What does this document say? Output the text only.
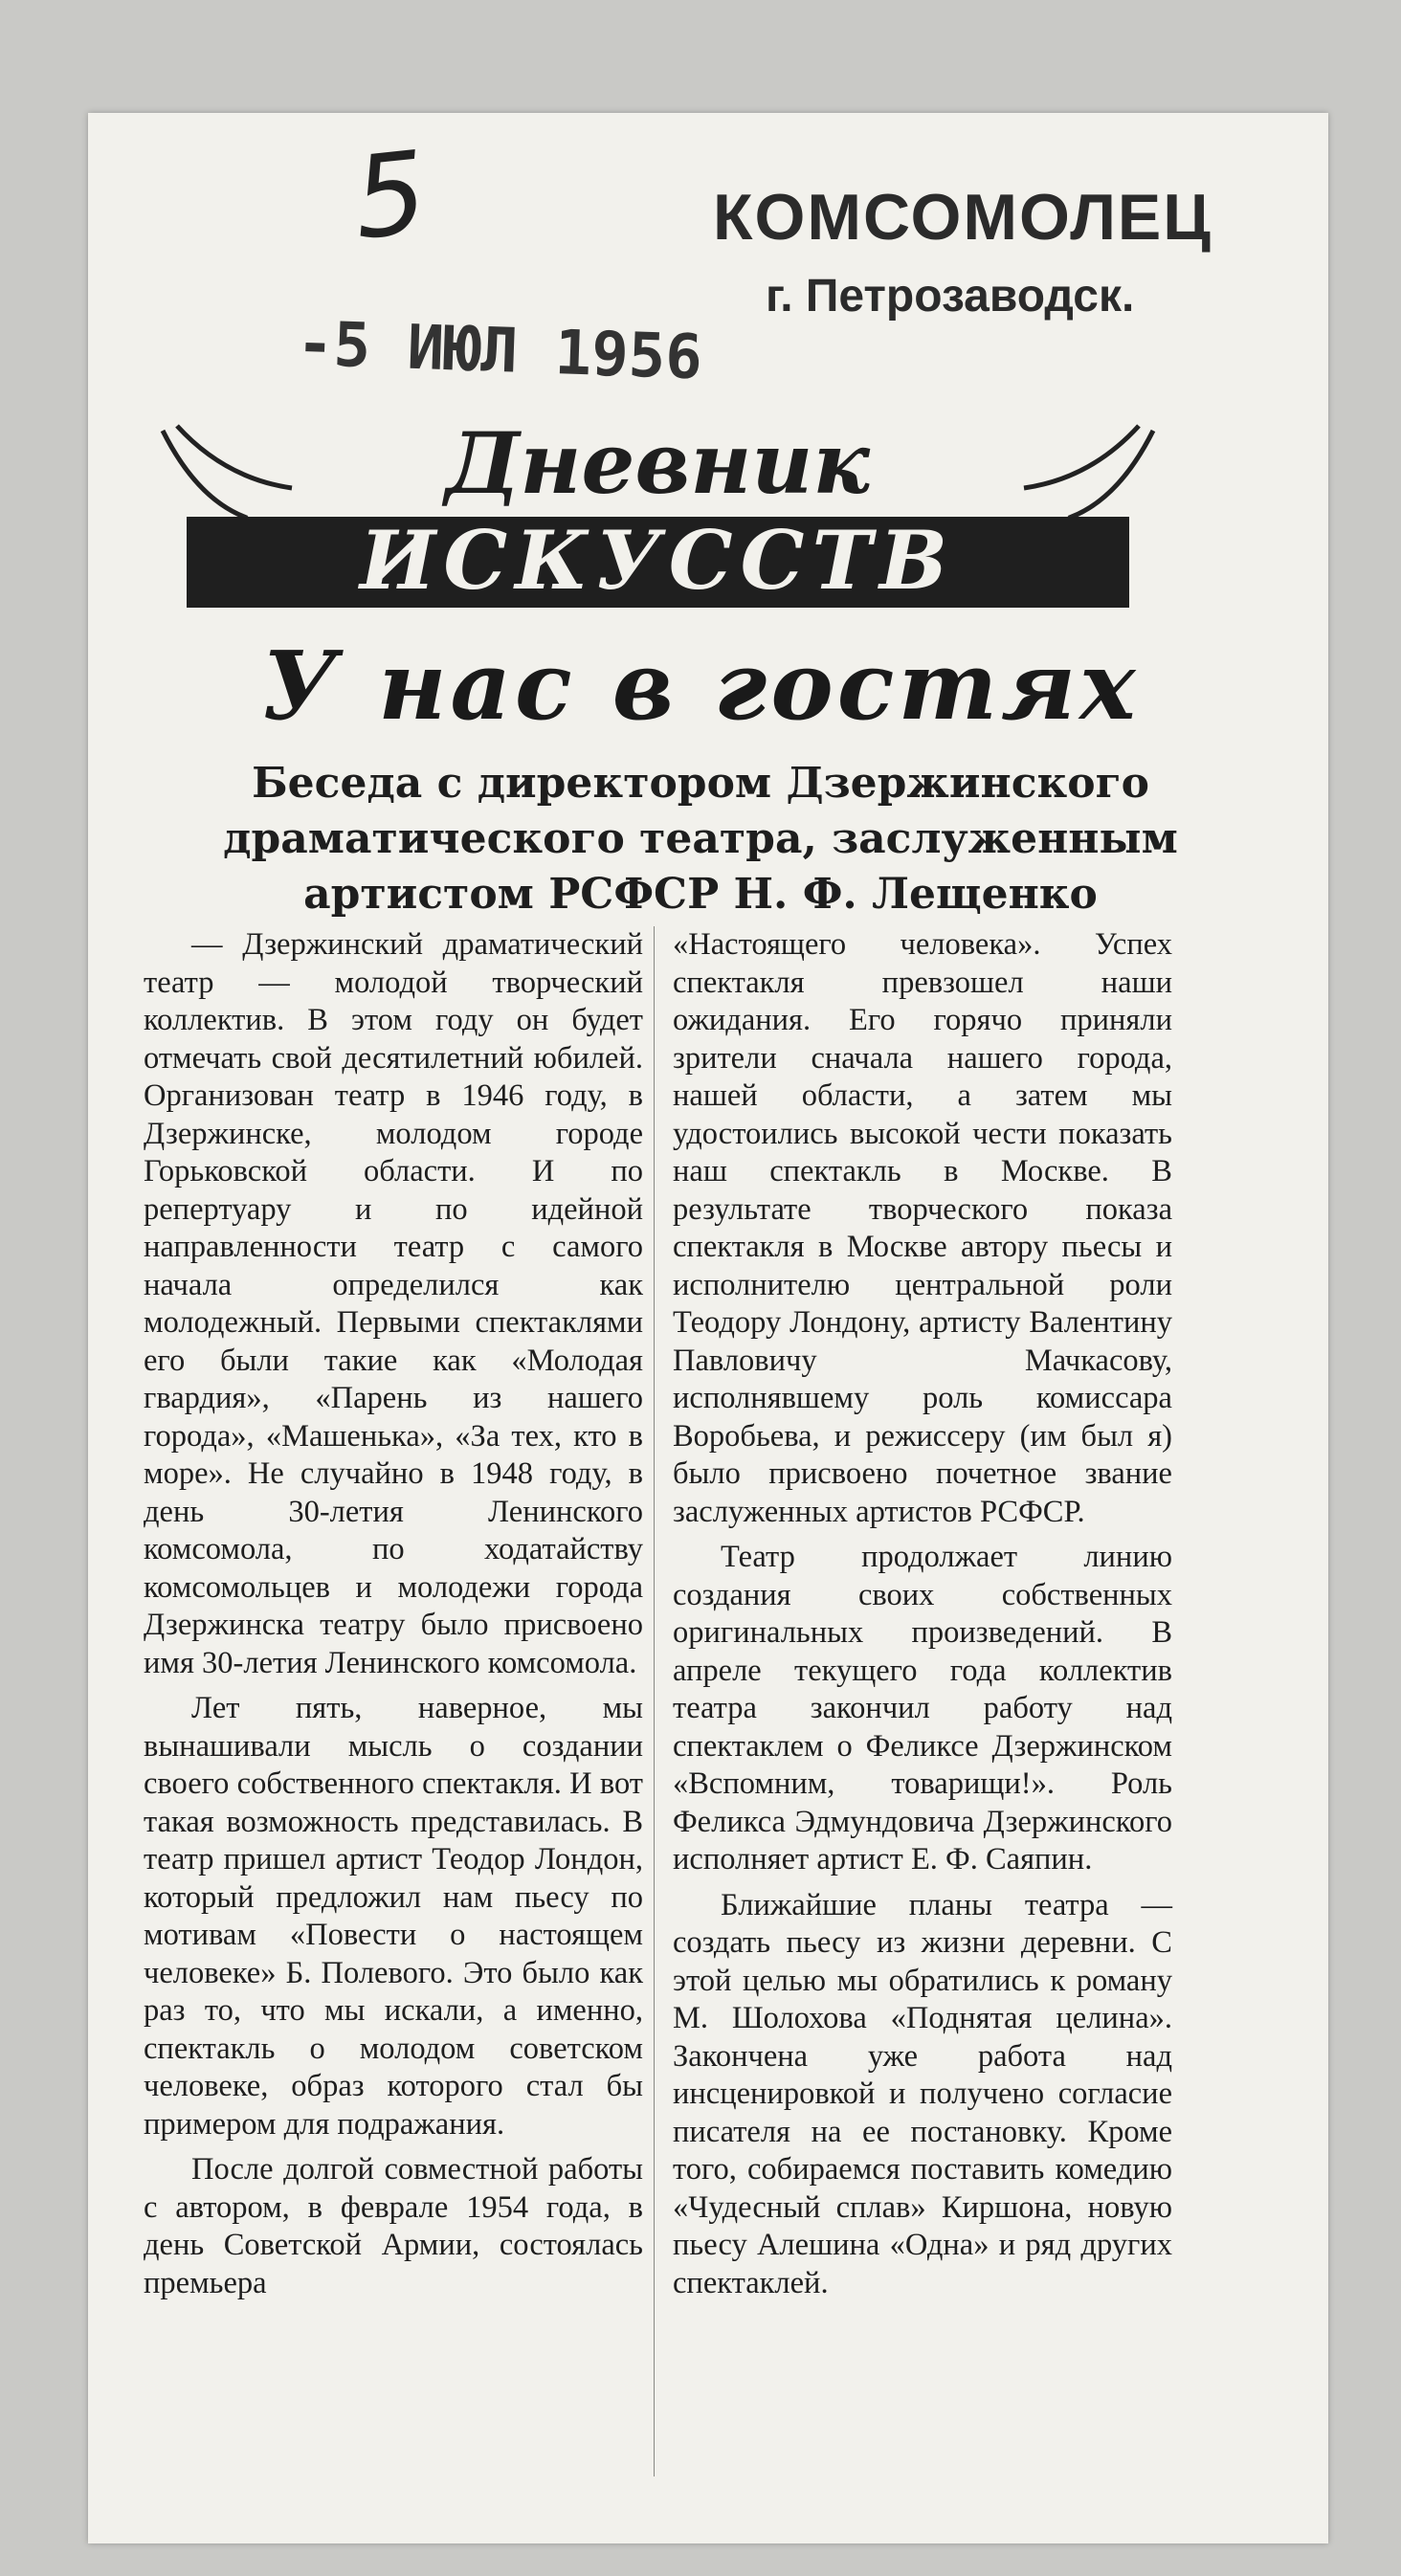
5	КОМСОМОЛЕЦ
г. Петрозаводск.
-5 ИЮЛ 1956
Дневник
ИСКУССТВ
У нас в гостях
Беседа с директором Дзержинского
драматического театра, заслуженным
артистом РСФСР Н. Ф. Лещенко

— Дзержинский драматический театр — молодой творческий коллектив. В этом году он будет отмечать свой десятилетний юбилей. Организован театр в 1946 году, в Дзержинске, молодом городе Горьковской области. И по репертуару и по идейной направленности театр с самого начала определился как молодежный. Первыми спектаклями его были такие как «Молодая гвардия», «Парень из нашего города», «Машенька», «За тех, кто в море». Не случайно в 1948 году, в день 30-летия Ленинского комсомола, по ходатайству комсомольцев и молодежи города Дзержинска театру было присвоено имя 30-летия Ленинского комсомола.

Лет пять, наверное, мы вынашивали мысль о создании своего собственного спектакля. И вот такая возможность представилась. В театр пришел артист Теодор Лондон, который предложил нам пьесу по мотивам «Повести о настоящем человеке» Б. Полевого. Это было как раз то, что мы искали, а именно, спектакль о молодом советском человеке, образ которого стал бы примером для подражания.

После долгой совместной работы с автором, в феврале 1954 года, в день Советской Армии, состоялась премьера

«Настоящего человека». Успех спектакля превзошел наши ожидания. Его горячо приняли зрители сначала нашего города, нашей области, а затем мы удостоились высокой чести показать наш спектакль в Москве. В результате творческого показа спектакля в Москве автору пьесы и исполнителю центральной роли Теодору Лондону, артисту Валентину Павловичу Мачкасову, исполнявшему роль комиссара Воробьева, и режиссеру (им был я) было присвоено почетное звание заслуженных артистов РСФСР.

Театр продолжает линию создания своих собственных оригинальных произведений. В апреле текущего года коллектив театра закончил работу над спектаклем о Феликсе Дзержинском «Вспомним, товарищи!». Роль Феликса Эдмундовича Дзержинского исполняет артист Е. Ф. Саяпин.

Ближайшие планы театра — создать пьесу из жизни деревни. С этой целью мы обратились к роману М. Шолохова «Поднятая целина». Закончена уже работа над инсценировкой и получено согласие писателя на ее постановку. Кроме того, собираемся поставить комедию «Чудесный сплав» Киршона, новую пьесу Алешина «Одна» и ряд других спектаклей.
